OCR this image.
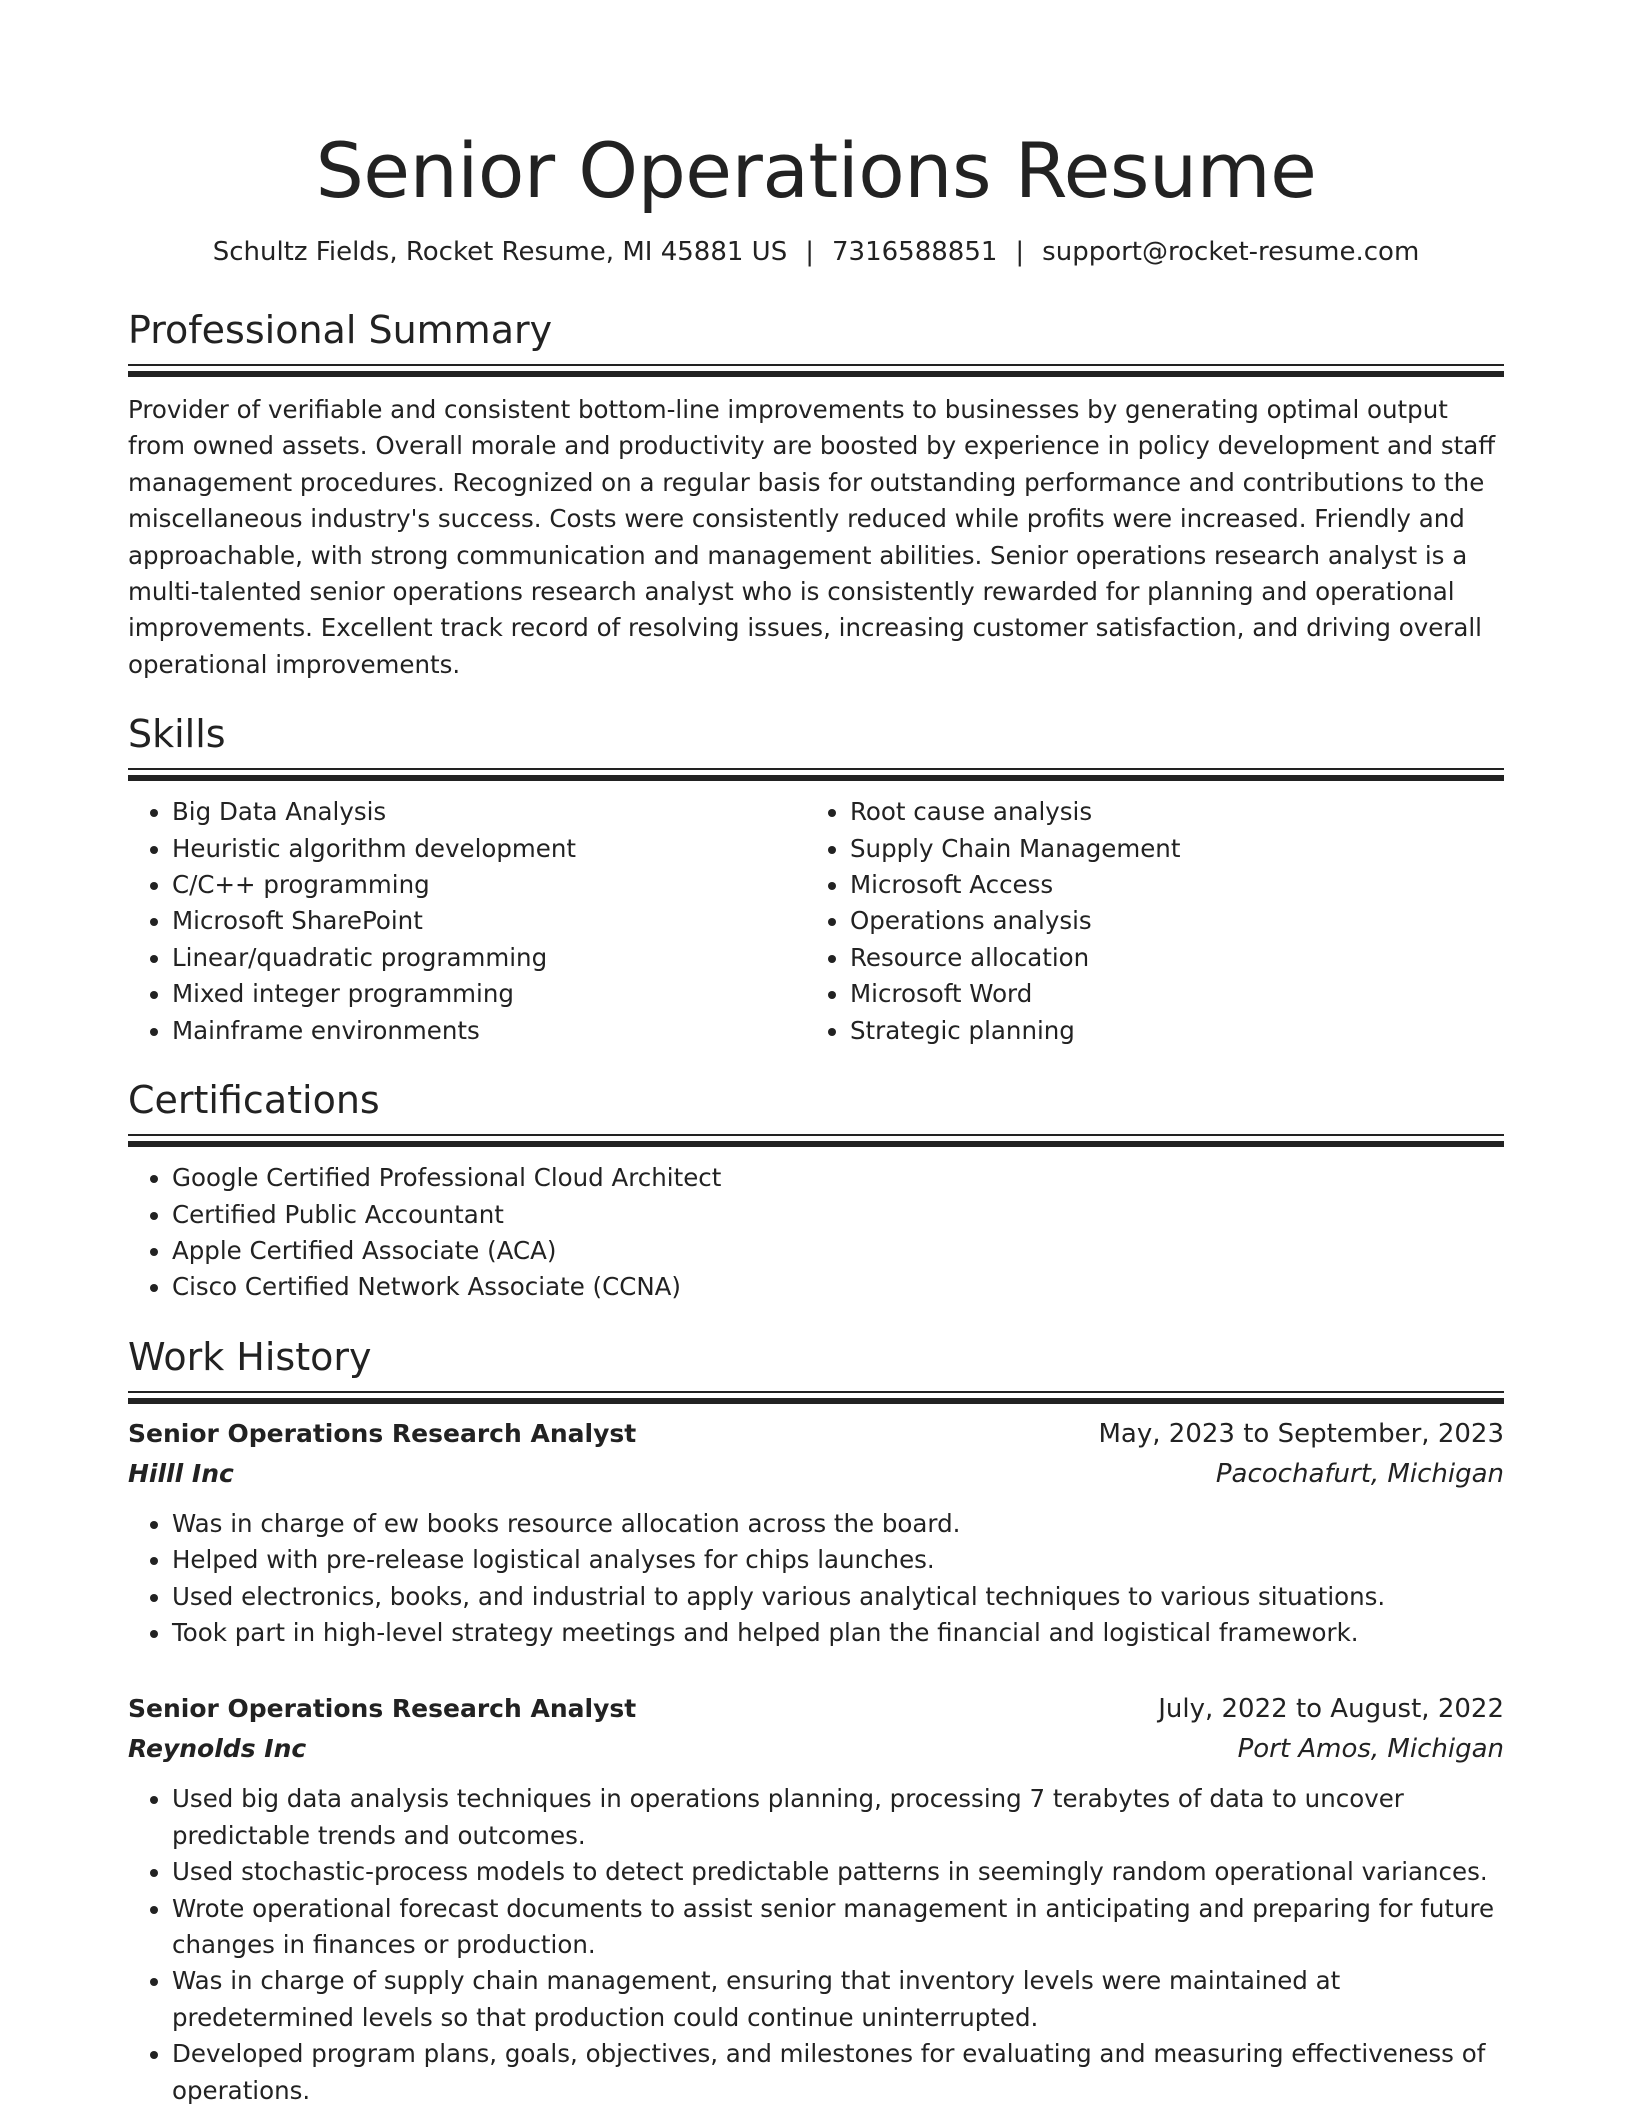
Senior Operations Resume
Schultz Fields, Rocket Resume, MI 45881 US | 7316588851 | support@rocket-resume.com
Professional Summary

Provider of verifiable and consistent bottom-line improvements to businesses by generating optimal output from owned assets. Overall morale and productivity are boosted by experience in policy development and staff management procedures. Recognized on a regular basis for outstanding performance and contributions to the miscellaneous industry's success. Costs were consistently reduced while profits were increased. Friendly and approachable, with strong communication and management abilities. Senior operations research analyst is a multi-talented senior operations research analyst who is consistently rewarded for planning and operational improvements. Excellent track record of resolving issues, increasing customer satisfaction, and driving overall operational improvements.

Skills
• Big Data Analysis
• Heuristic algorithm development
• C/C++ programming
• Microsoft SharePoint
• Linear/quadratic programming
• Mixed integer programming
• Mainframe environments
• Root cause analysis
• Supply Chain Management
• Microsoft Access
• Operations analysis
• Resource allocation
• Microsoft Word
• Strategic planning
Certifications
• Google Certified Professional Cloud Architect
• Certified Public Accountant
• Apple Certified Associate (ACA)
• Cisco Certified Network Associate (CCNA)
Work History
Senior Operations Research Analyst	May, 2023 to September, 2023
Hilll Inc	Pacochafurt, Michigan
• Was in charge of ew books resource allocation across the board.
• Helped with pre-release logistical analyses for chips launches.
• Used electronics, books, and industrial to apply various analytical techniques to various situations.
• Took part in high-level strategy meetings and helped plan the financial and logistical framework.
Senior Operations Research Analyst	July, 2022 to August, 2022
Reynolds Inc	Port Amos, Michigan
• Used big data analysis techniques in operations planning, processing 7 terabytes of data to uncover predictable trends and outcomes.
• Used stochastic-process models to detect predictable patterns in seemingly random operational variances.
• Wrote operational forecast documents to assist senior management in anticipating and preparing for future changes in finances or production.
• Was in charge of supply chain management, ensuring that inventory levels were maintained at predetermined levels so that production could continue uninterrupted.
• Developed program plans, goals, objectives, and milestones for evaluating and measuring effectiveness of operations.
